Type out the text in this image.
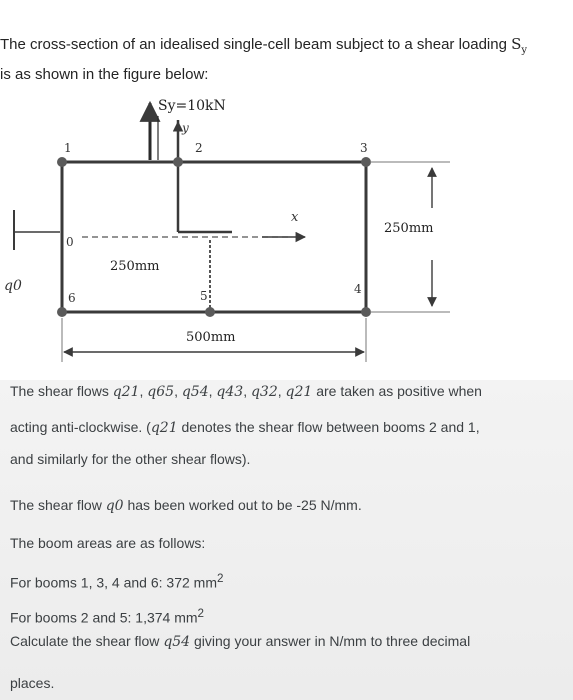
The cross-section of an idealised single-cell beam subject to a shear loading $S_y$
is as shown in the figure below:
x
y
Sy=10kN
q0
0
1	2	3
4
5
6
250mm
250mm
500mm
The shear flows q21, q65, q54, q43, q32, q21 are taken as positive when
acting anti-clockwise. (q21 denotes the shear flow between booms 2 and 1,
and similarly for the other shear flows).
The shear flow q0 has been worked out to be -25 N/mm.
The boom areas are as follows:
For booms 1, 3, 4 and 6: 372 $mm^2$
For booms 2 and 5: 1,374 $mm^2$
Calculate the shear flow q54 giving your answer in N/mm to three decimal
places.
